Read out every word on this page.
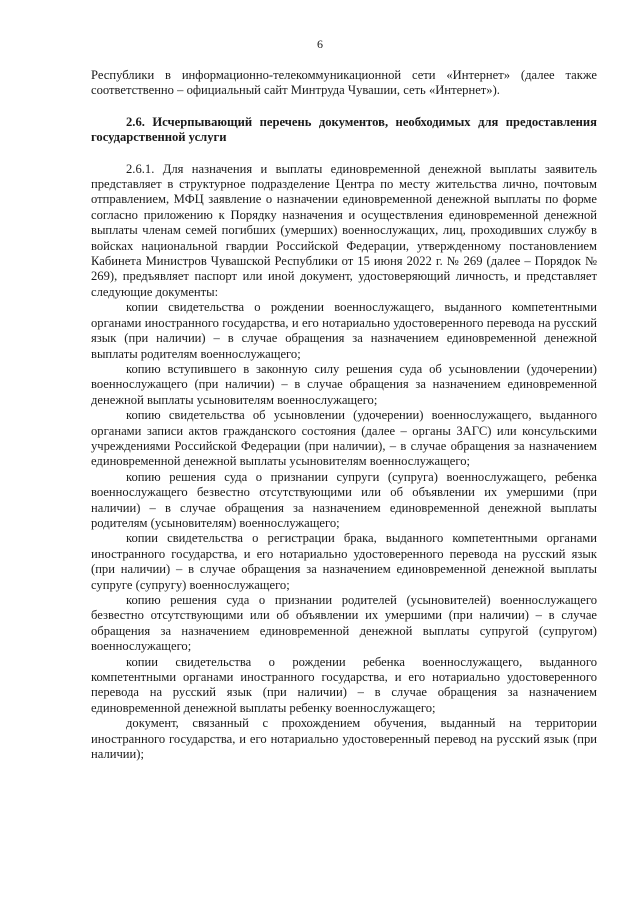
6

Республики в информационно-телекоммуникационной сети «Интернет» (далее также соответственно – официальный сайт Минтруда Чувашии, сеть «Интернет»).

2.6. Исчерпывающий перечень документов, необходимых для предоставления государственной услуги

2.6.1. Для назначения и выплаты единовременной денежной выплаты заявитель представляет в структурное подразделение Центра по месту жительства лично, почтовым отправлением, МФЦ заявление о назначении единовременной денежной выплаты по форме согласно приложению к Порядку назначения и осуществления единовременной денежной выплаты членам семей погибших (умерших) военнослужащих, лиц, проходивших службу в войсках национальной гвардии Российской Федерации, утвержденному постановлением Кабинета Министров Чувашской Республики от 15 июня 2022 г. № 269 (далее – Порядок № 269), предъявляет паспорт или иной документ, удостоверяющий личность, и представляет следующие документы:

копии свидетельства о рождении военнослужащего, выданного компетентными органами иностранного государства, и его нотариально удостоверенного перевода на русский язык (при наличии) – в случае обращения за назначением единовременной денежной выплаты родителям военнослужащего;

копию вступившего в законную силу решения суда об усыновлении (удочерении) военнослужащего (при наличии) – в случае обращения за назначением единовременной денежной выплаты усыновителям военнослужащего;

копию свидетельства об усыновлении (удочерении) военнослужащего, выданного органами записи актов гражданского состояния (далее – органы ЗАГС) или консульскими учреждениями Российской Федерации (при наличии), – в случае обращения за назначением единовременной денежной выплаты усыновителям военнослужащего;

копию решения суда о признании супруги (супруга) военнослужащего, ребенка военнослужащего безвестно отсутствующими или об объявлении их умершими (при наличии) – в случае обращения за назначением единовременной денежной выплаты родителям (усыновителям) военнослужащего;

копии свидетельства о регистрации брака, выданного компетентными органами иностранного государства, и его нотариально удостоверенного перевода на русский язык (при наличии) – в случае обращения за назначением единовременной денежной выплаты супруге (супругу) военнослужащего;

копию решения суда о признании родителей (усыновителей) военнослужащего безвестно отсутствующими или об объявлении их умершими (при наличии) – в случае обращения за назначением единовременной денежной выплаты супругой (супругом) военнослужащего;

копии свидетельства о рождении ребенка военнослужащего, выданного компетентными органами иностранного государства, и его нотариально удостоверенного перевода на русский язык (при наличии) – в случае обращения за назначением единовременной денежной выплаты ребенку военнослужащего;

документ, связанный с прохождением обучения, выданный на территории иностранного государства, и его нотариально удостоверенный перевод на русский язык (при наличии);
